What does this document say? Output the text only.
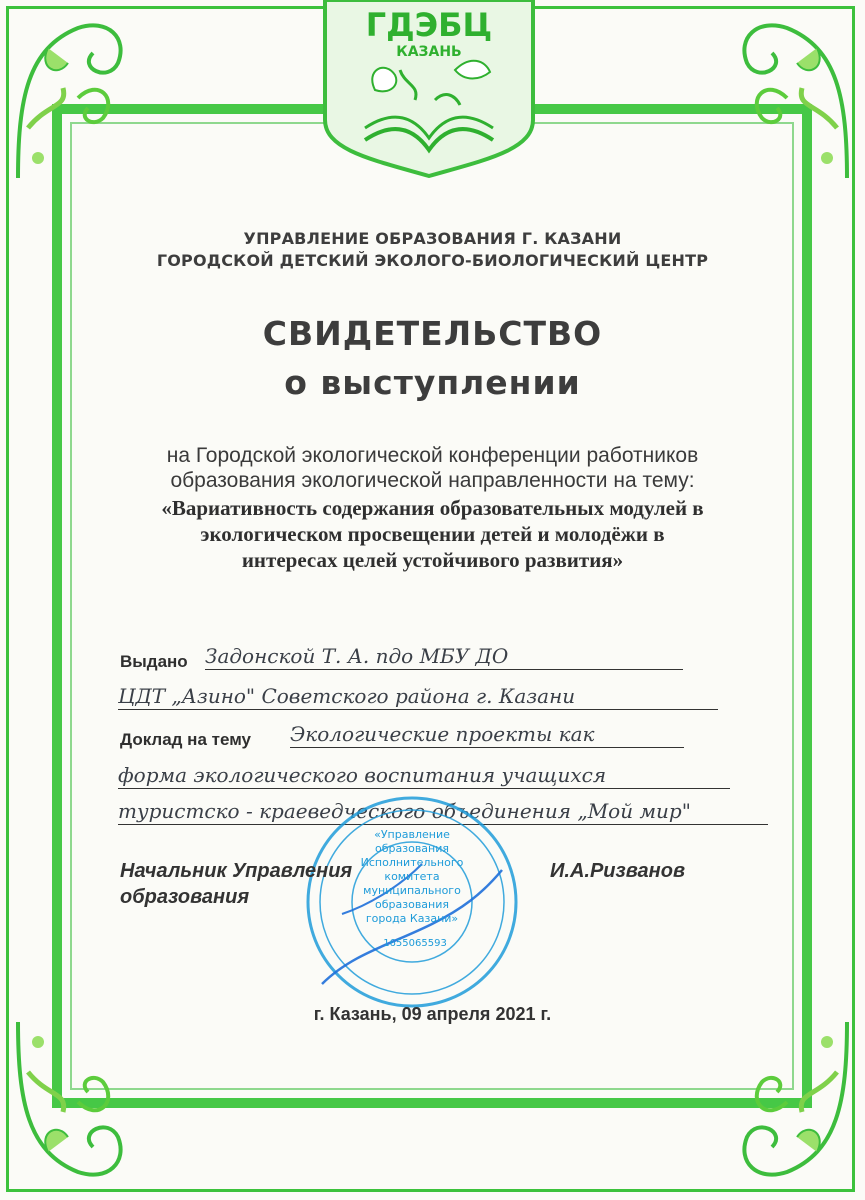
ГДЭБЦ
КАЗАНЬ
УПРАВЛЕНИЕ ОБРАЗОВАНИЯ Г. КАЗАНИ
ГОРОДСКОЙ ДЕТСКИЙ ЭКОЛОГО-БИОЛОГИЧЕСКИЙ ЦЕНТР
СВИДЕТЕЛЬСТВО
о выступлении
на Городской экологической конференции работников
образования экологической направленности на тему:
«Вариативность содержания образовательных модулей в
экологическом просвещении детей и молодёжи в
интересах целей устойчивого развития»
Выдано Задонской Т. А. пдо МБУ ДО
ЦДТ „Азино" Советского района г. Казани
Доклад на тему Экологические проекты как
форма экологического воспитания учащихся
туристско - краеведческого объединения „Мой мир"
«Управление
образования
Исполнительного
комитета
муниципального
образования
города Казани»
1655065593
Начальник Управления
образования
И.А.Ризванов
г. Казань, 09 апреля 2021 г.
